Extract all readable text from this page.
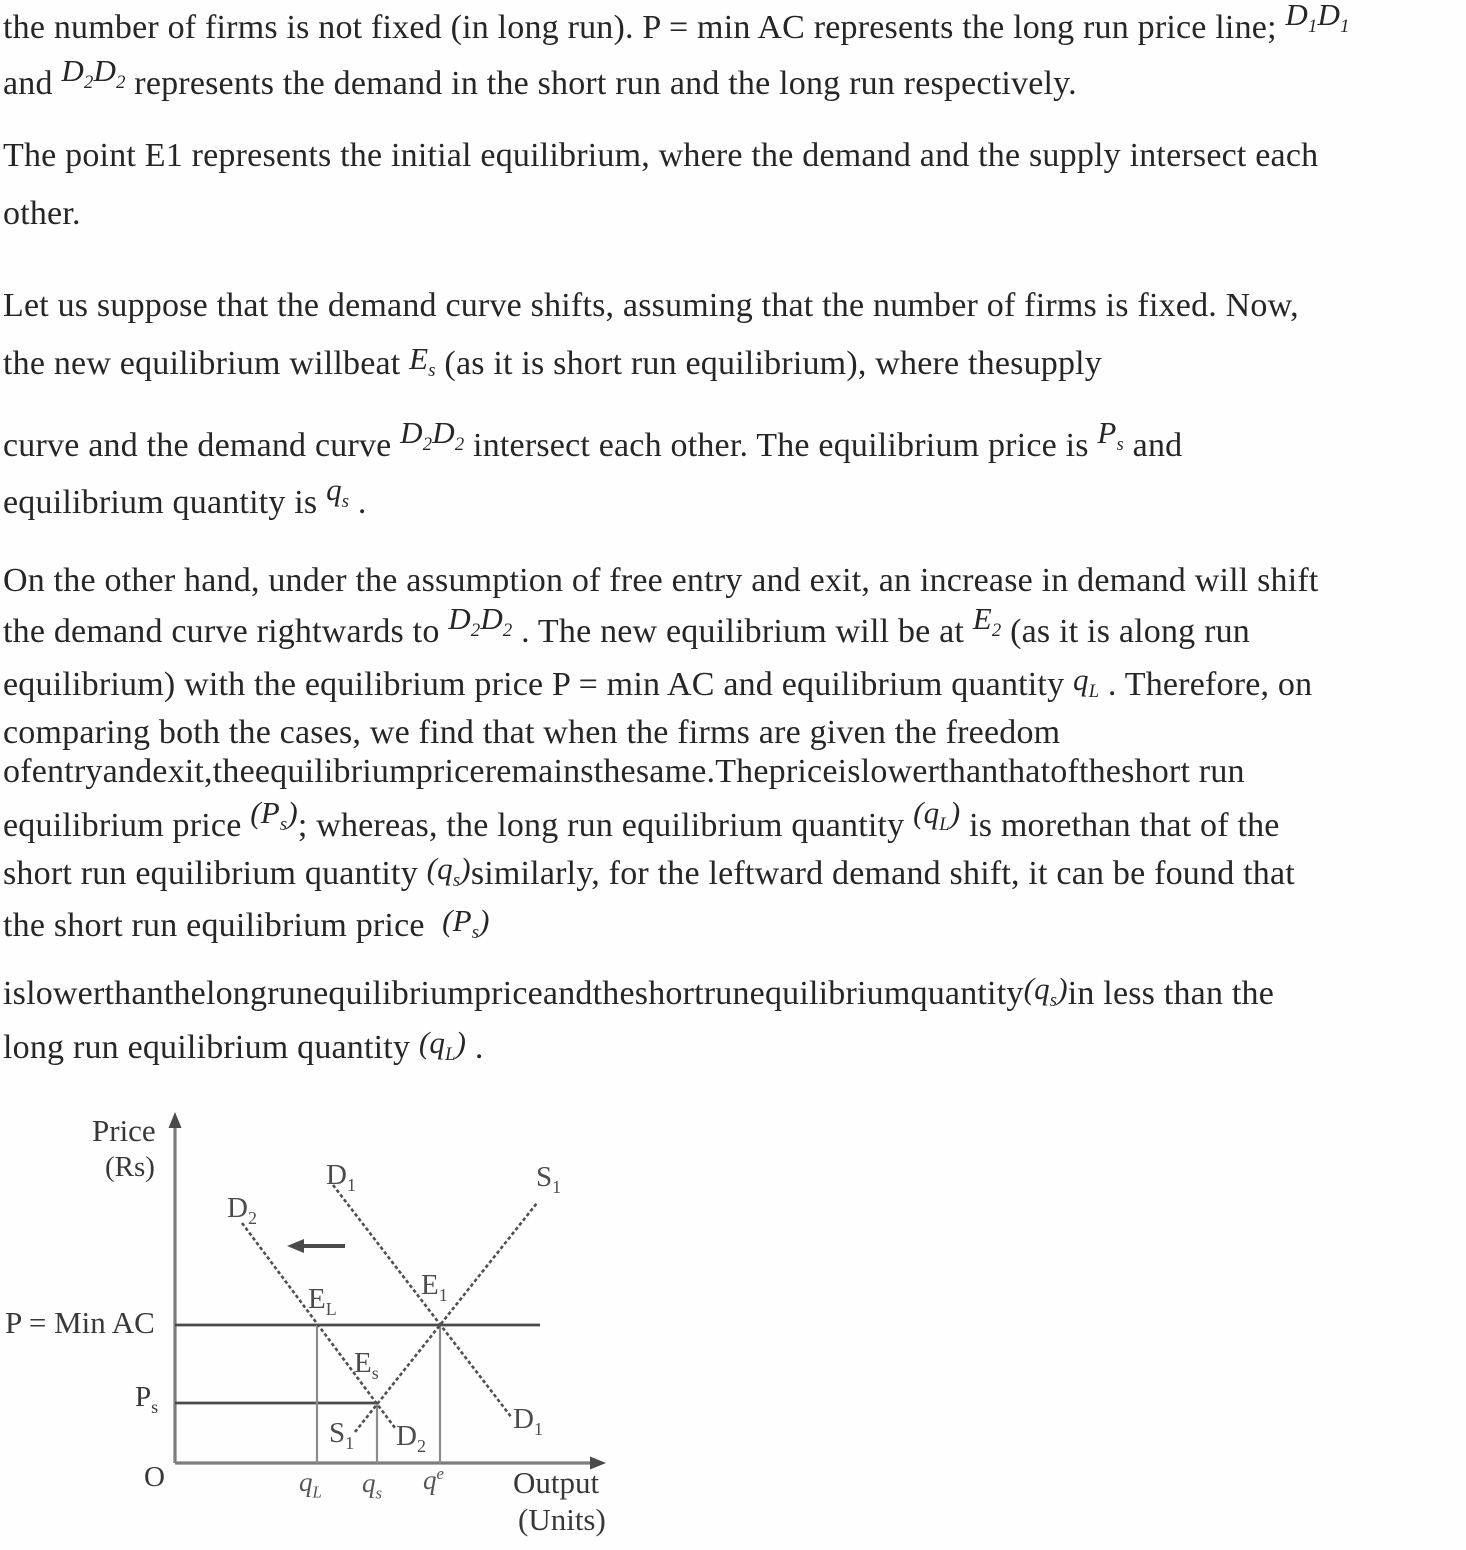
the number of firms is not fixed (in long run). P = min AC represents the long run price line; $D_1D_1$
and $D_2D_2$ represents the demand in the short run and the long run respectively.
The point E1 represents the initial equilibrium, where the demand and the supply intersect each
other.
Let us suppose that the demand curve shifts, assuming that the number of firms is fixed. Now,
the new equilibrium willbeat $E_s$ (as it is short run equilibrium), where thesupply
curve and the demand curve $D_2D_2$ intersect each other. The equilibrium price is $P_s$ and
equilibrium quantity is $q_s$ .
On the other hand, under the assumption of free entry and exit, an increase in demand will shift
the demand curve rightwards to $D_2D_2$ . The new equilibrium will be at $E_2$ (as it is along run
equilibrium) with the equilibrium price P = min AC and equilibrium quantity $q_L$ . Therefore, on
comparing both the cases, we find that when the firms are given the freedom
ofentryandexit,theequilibriumpriceremainsthesame.Thepriceislowerthanthatoftheshort run
equilibrium price $(P_s)$; whereas, the long run equilibrium quantity $(q_L)$ is morethan that of the
short run equilibrium quantity $(q_s)similarly$, for the leftward demand shift, it can be found that
the short run equilibrium price  $(P_s)$
$islowerthanthelongrunequilibriumpriceandtheshortrunequilibriumquantity(q_s)in$ less than the
long run equilibrium quantity $(q_L)$ .
Price
(Rs)
P = Min AC
$P_s$
$D_2$
$D_1$	$S_1$
$E_L$
$E_1$
$E_s$
$S_1$ $D_2$
$D_1$
O	$q_L$ $q_s$ $q^e$ Output
(Units)
